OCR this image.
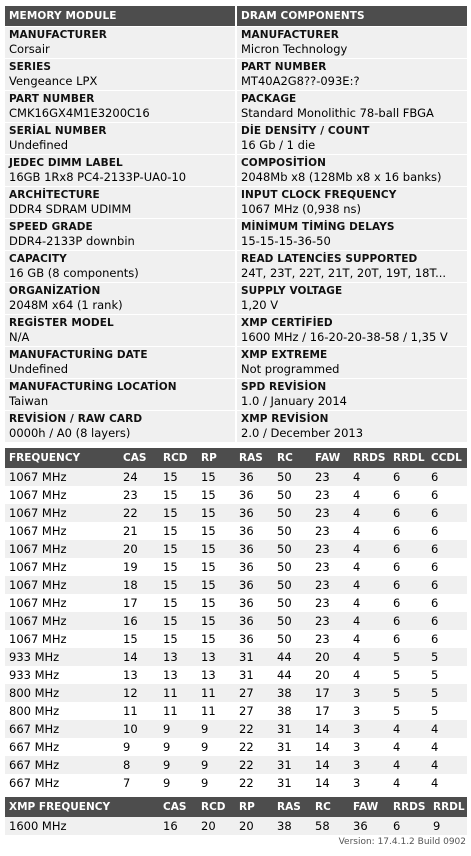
MEMORY MODULE
MANUFACTURER
Corsair
SERIES
Vengeance LPX
PART NUMBER
CMK16GX4M1E3200C16
SERİAL NUMBER
Undefined
JEDEC DIMM LABEL
16GB 1Rx8 PC4-2133P-UA0-10
ARCHİTECTURE
DDR4 SDRAM UDIMM
SPEED GRADE
DDR4-2133P downbin
CAPACITY
16 GB (8 components)
ORGANİZATİON
2048M x64 (1 rank)
REGİSTER MODEL
N/A
MANUFACTURİNG DATE
Undefined
MANUFACTURİNG LOCATİON
Taiwan
REVİSİON / RAW CARD
0000h / A0 (8 layers)
DRAM COMPONENTS
MANUFACTURER
Micron Technology
PART NUMBER
MT40A2G8??-093E:?
PACKAGE
Standard Monolithic 78-ball FBGA
DİE DENSİTY / COUNT
16 Gb / 1 die
COMPOSİTİON
2048Mb x8 (128Mb x8 x 16 banks)
INPUT CLOCK FREQUENCY
1067 MHz (0,938 ns)
MİNİMUM TİMİNG DELAYS
15-15-15-36-50
READ LATENCİES SUPPORTED
24T, 23T, 22T, 21T, 20T, 19T, 18T...
SUPPLY VOLTAGE
1,20 V
XMP CERTİFİED
1600 MHz / 16-20-20-38-58 / 1,35 V
XMP EXTREME
Not programmed
SPD REVİSİON
1.0 / January 2014
XMP REVİSİON
2.0 / December 2013
FREQUENCY	CAS	RCD	RP	RAS	RC	FAW	RRDS	RRDL	CCDL
1067 MHz	24	15	15	36	50	23	4	6	6
1067 MHz	23	15	15	36	50	23	4	6	6
1067 MHz	22	15	15	36	50	23	4	6	6
1067 MHz	21	15	15	36	50	23	4	6	6
1067 MHz	20	15	15	36	50	23	4	6	6
1067 MHz	19	15	15	36	50	23	4	6	6
1067 MHz	18	15	15	36	50	23	4	6	6
1067 MHz	17	15	15	36	50	23	4	6	6
1067 MHz	16	15	15	36	50	23	4	6	6
1067 MHz	15	15	15	36	50	23	4	6	6
933 MHz	14	13	13	31	44	20	4	5	5
933 MHz	13	13	13	31	44	20	4	5	5
800 MHz	12	11	11	27	38	17	3	5	5
800 MHz	11	11	11	27	38	17	3	5	5
667 MHz	10	9	9	22	31	14	3	4	4
667 MHz	9	9	9	22	31	14	3	4	4
667 MHz	8	9	9	22	31	14	3	4	4
667 MHz	7	9	9	22	31	14	3	4	4
XMP FREQUENCY	CAS	RCD	RP	RAS	RC	FAW	RRDS	RRDL
1600 MHz	16	20	20	38	58	36	6	9
Version: 17.4.1.2 Build 0902
